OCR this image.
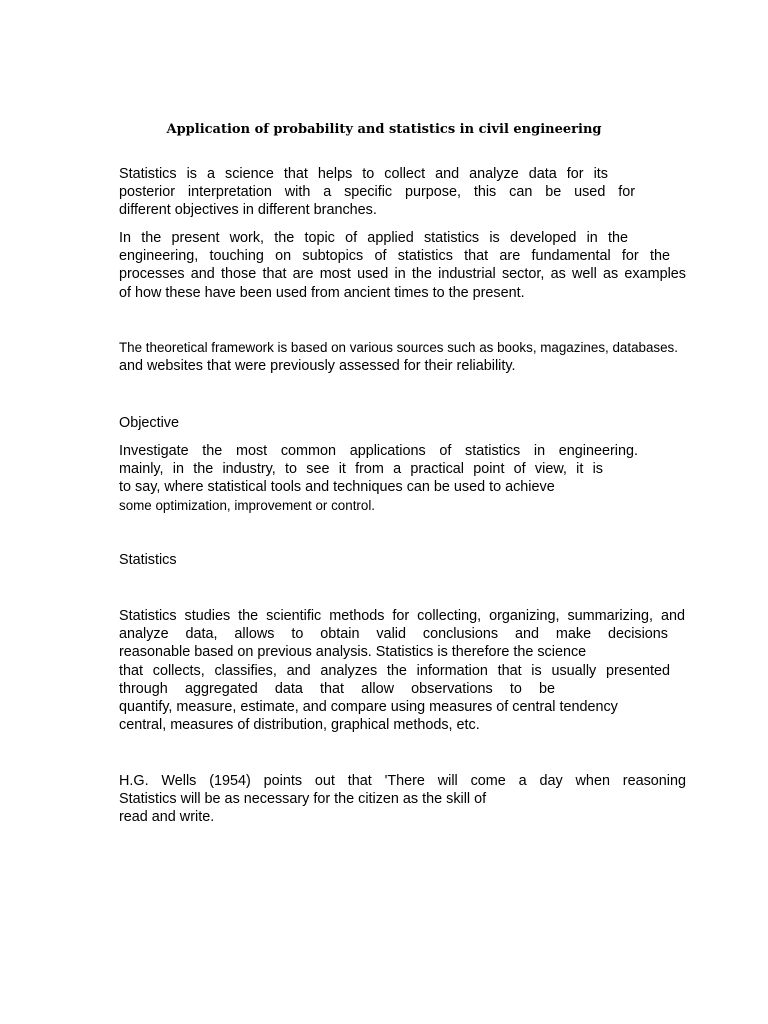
Application of probability and statistics in civil engineering
Statistics is a science that helps to collect and analyze data for its
posterior interpretation with a specific purpose, this can be used for
different objectives in different branches.
In the present work, the topic of applied statistics is developed in the
engineering, touching on subtopics of statistics that are fundamental for the
processes and those that are most used in the industrial sector, as well as examples
of how these have been used from ancient times to the present.
The theoretical framework is based on various sources such as books, magazines, databases.
and websites that were previously assessed for their reliability.
Objective
Investigate the most common applications of statistics in engineering.
mainly, in the industry, to see it from a practical point of view, it is
to say, where statistical tools and techniques can be used to achieve
some optimization, improvement or control.
Statistics
Statistics studies the scientific methods for collecting, organizing, summarizing, and
analyze data, allows to obtain valid conclusions and make decisions
reasonable based on previous analysis. Statistics is therefore the science
that collects, classifies, and analyzes the information that is usually presented
through aggregated data that allow observations to be
quantify, measure, estimate, and compare using measures of central tendency
central, measures of distribution, graphical methods, etc.
H.G. Wells (1954) points out that 'There will come a day when reasoning
Statistics will be as necessary for the citizen as the skill of
read and write.
